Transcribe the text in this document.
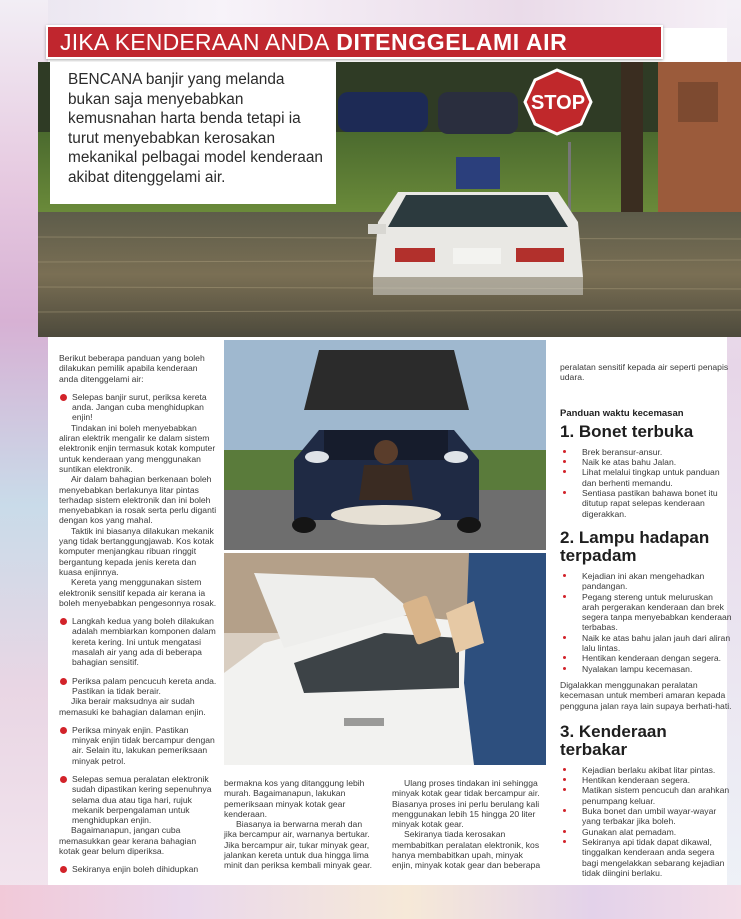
STOP
JIKA KENDERAAN ANDA
DITENGGELAMI AIR
BENCANA banjir yang melanda bukan saja menyebabkan kemusnahan harta benda tetapi ia turut menyebabkan kerosakan mekanikal pelbagai model kenderaan akibat ditenggelami air.

Berikut beberapa panduan yang boleh dilakukan pemilik apabila kenderaan anda ditenggelami air:

Selepas banjir surut, periksa kereta anda. Jangan cuba menghidupkan enjin!

Tindakan ini boleh menyebabkan aliran elektrik mengalir ke dalam sistem elektronik enjin termasuk kotak komputer untuk kenderaan yang menggunakan suntikan elektronik.

Air dalam bahagian berkenaan boleh menyebabkan berlakunya litar pintas terhadap sistem elektronik dan ini boleh menyebabkan ia rosak serta perlu diganti dengan kos yang mahal.

Taktik ini biasanya dilakukan mekanik yang tidak bertanggungjawab. Kos kotak komputer menjangkau ribuan ringgit bergantung kepada jenis kereta dan kuasa enjinnya.

Kereta yang menggunakan sistem elektronik sensitif kepada air kerana ia boleh menyebabkan pengesonnya rosak.

Langkah kedua yang boleh dilakukan adalah membiarkan komponen dalam kereta kering. Ini untuk mengatasi masalah air yang ada di beberapa bahagian sensitif.
Periksa palam pencucuh kereta anda. Pastikan ia tidak berair.

Jika berair maksudnya air sudah memasuki ke bahagian dalaman enjin.

Periksa minyak enjin. Pastikan minyak enjin tidak bercampur dengan air. Selain itu, lakukan pemeriksaan minyak petrol.
Selepas semua peralatan elektronik sudah dipastikan kering sepenuhnya selama dua atau tiga hari, rujuk mekanik berpengalaman untuk menghidupkan enjin.

Bagaimanapun, jangan cuba memasukkan gear kerana bahagian kotak gear belum diperiksa.

Sekiranya enjin boleh dihidupkan

bermakna kos yang ditanggung lebih murah. Bagaimanapun, lakukan pemeriksaan minyak kotak gear kenderaan.

Biasanya ia berwarna merah dan jika bercampur air, warnanya bertukar. Jika bercampur air, tukar minyak gear, jalankan kereta untuk dua hingga lima minit dan periksa kembali minyak gear.

Ulang proses tindakan ini sehingga minyak kotak gear tidak bercampur air. Biasanya proses ini perlu berulang kali menggunakan lebih 15 hingga 20 liter minyak kotak gear.

Sekiranya tiada kerosakan membabitkan peralatan elektronik, kos hanya membabitkan upah, minyak enjin, minyak kotak gear dan beberapa

peralatan sensitif kepada air seperti penapis udara.
Panduan waktu kecemasan
1. Bonet terbuka
Brek beransur-ansur.
Naik ke atas bahu Jalan.
Lihat melalui tingkap untuk panduan dan berhenti memandu.
Sentiasa pastikan bahawa bonet itu ditutup rapat selepas kenderaan digerakkan.
2. Lampu hadapan terpadam
Kejadian ini akan mengehadkan pandangan.
Pegang stereng untuk meluruskan arah pergerakan kenderaan dan brek segera tanpa menyebabkan kenderaan terbabas.
Naik ke atas bahu jalan jauh dari aliran lalu lintas.
Hentikan kenderaan dengan segera.
Nyalakan lampu kecemasan.

Digalakkan menggunakan peralatan kecemasan untuk memberi amaran kepada pengguna jalan raya lain supaya berhati-hati.

3. Kenderaan terbakar
Kejadian berlaku akibat litar pintas.
Hentikan kenderaan segera.
Matikan sistem pencucuh dan arahkan penumpang keluar.
Buka bonet dan umbil wayar-wayar yang terbakar jika boleh.
Gunakan alat pemadam.
Sekiranya api tidak dapat dikawal, tinggalkan kenderaan anda segera bagi mengelakkan sebarang kejadian tidak diingini berlaku.
